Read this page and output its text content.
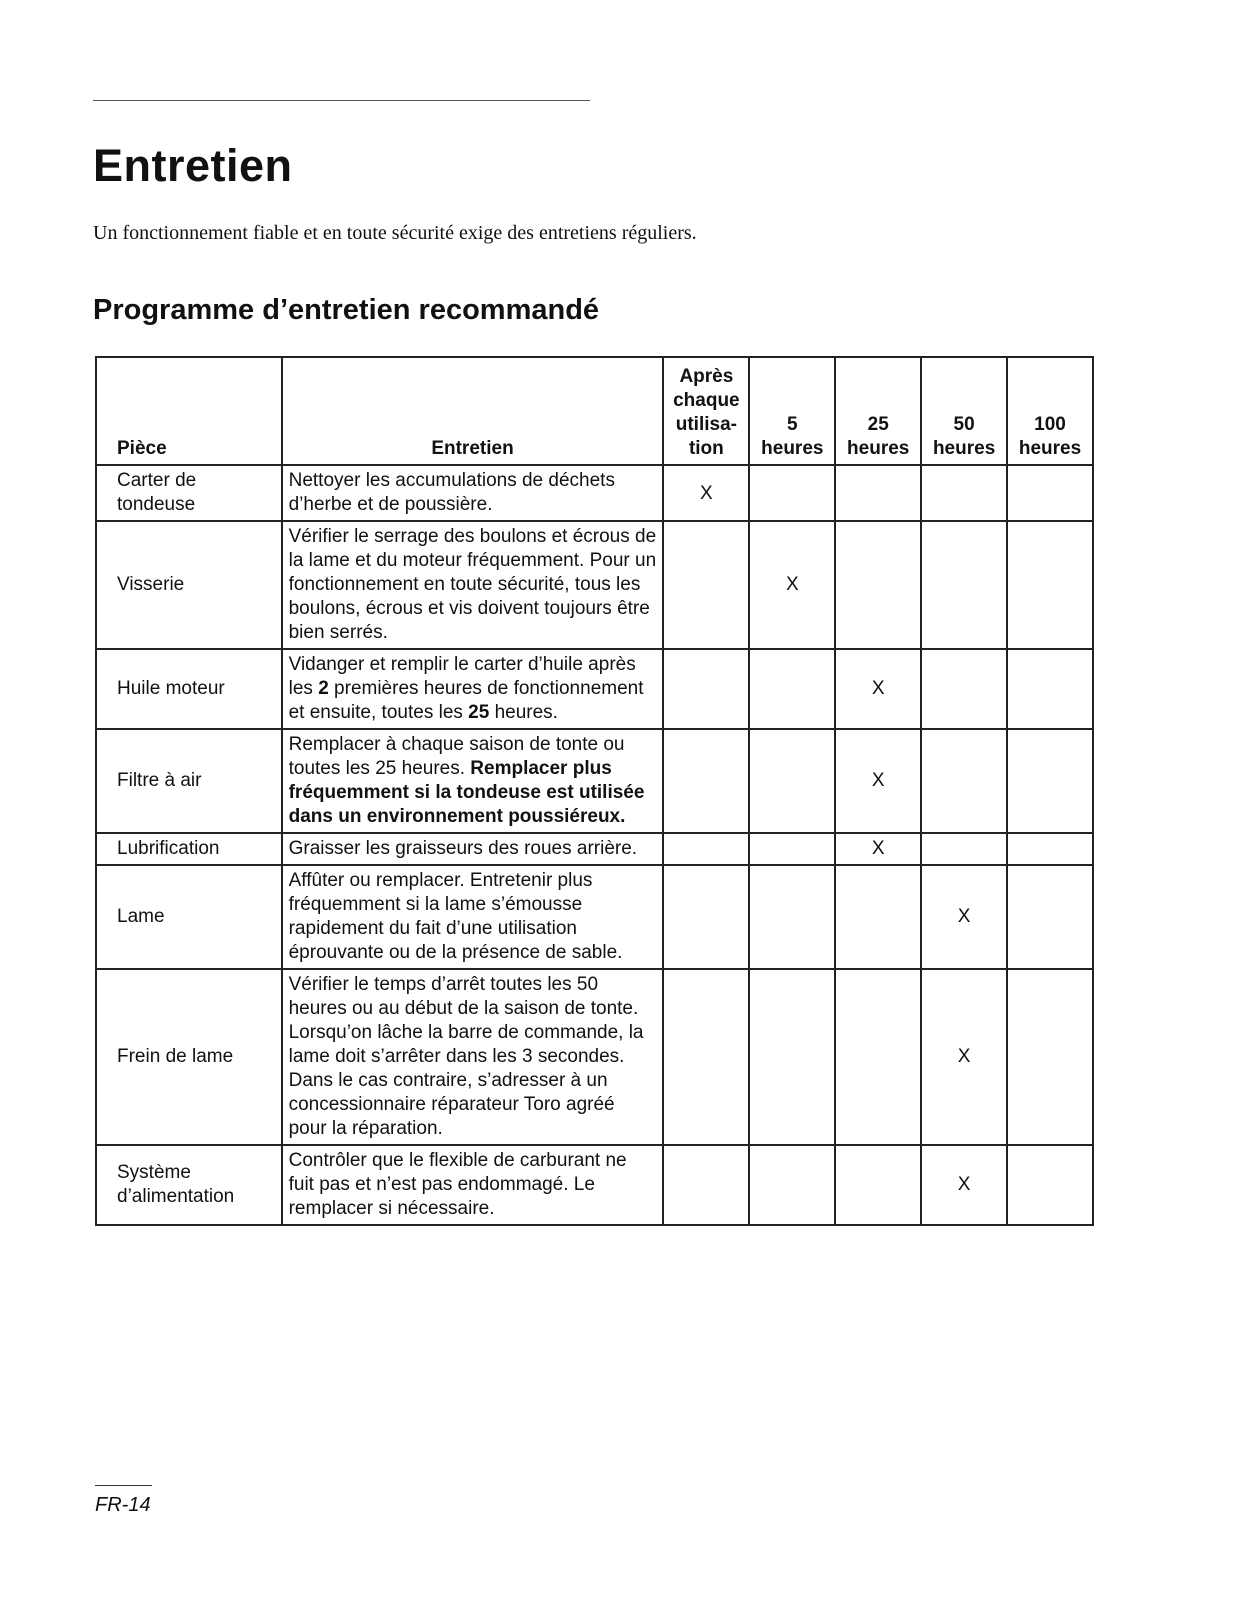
Entretien

Un fonctionnement fiable et en toute sécurité exige des entretiens réguliers.

Programme d’entretien recommandé
Pièce	Entretien	Après chaque utilisa- tion	5 heures	25 heures	50 heures	100 heures
Carter de tondeuse	Nettoyer les accumulations de déchets d’herbe et de poussière.	X				
Visserie	Vérifier le serrage des boulons et écrous de la lame et du moteur fréquemment. Pour un fonctionnement en toute sécurité, tous les boulons, écrous et vis doivent toujours être bien serrés.		X			
Huile moteur	Vidanger et remplir le carter d’huile après les 2 premières heures de fonctionnement et ensuite, toutes les 25 heures.			X		
Filtre à air	Remplacer à chaque saison de tonte ou toutes les 25 heures. Remplacer plus fréquemment si la tondeuse est utilisée dans un environnement poussiéreux.			X		
Lubrification	Graisser les graisseurs des roues arrière.			X		
Lame	Affûter ou remplacer. Entretenir plus fréquemment si la lame s’émousse rapidement du fait d’une utilisation éprouvante ou de la présence de sable.				X	
Frein de lame	Vérifier le temps d’arrêt toutes les 50 heures ou au début de la saison de tonte. Lorsqu’on lâche la barre de commande, la lame doit s’arrêter dans les 3 secondes. Dans le cas contraire, s’adresser à un concessionnaire réparateur Toro agréé pour la réparation.				X	
Système d’alimentation	Contrôler que le flexible de carburant ne fuit pas et n’est pas endommagé. Le remplacer si nécessaire.				X	
FR-14
